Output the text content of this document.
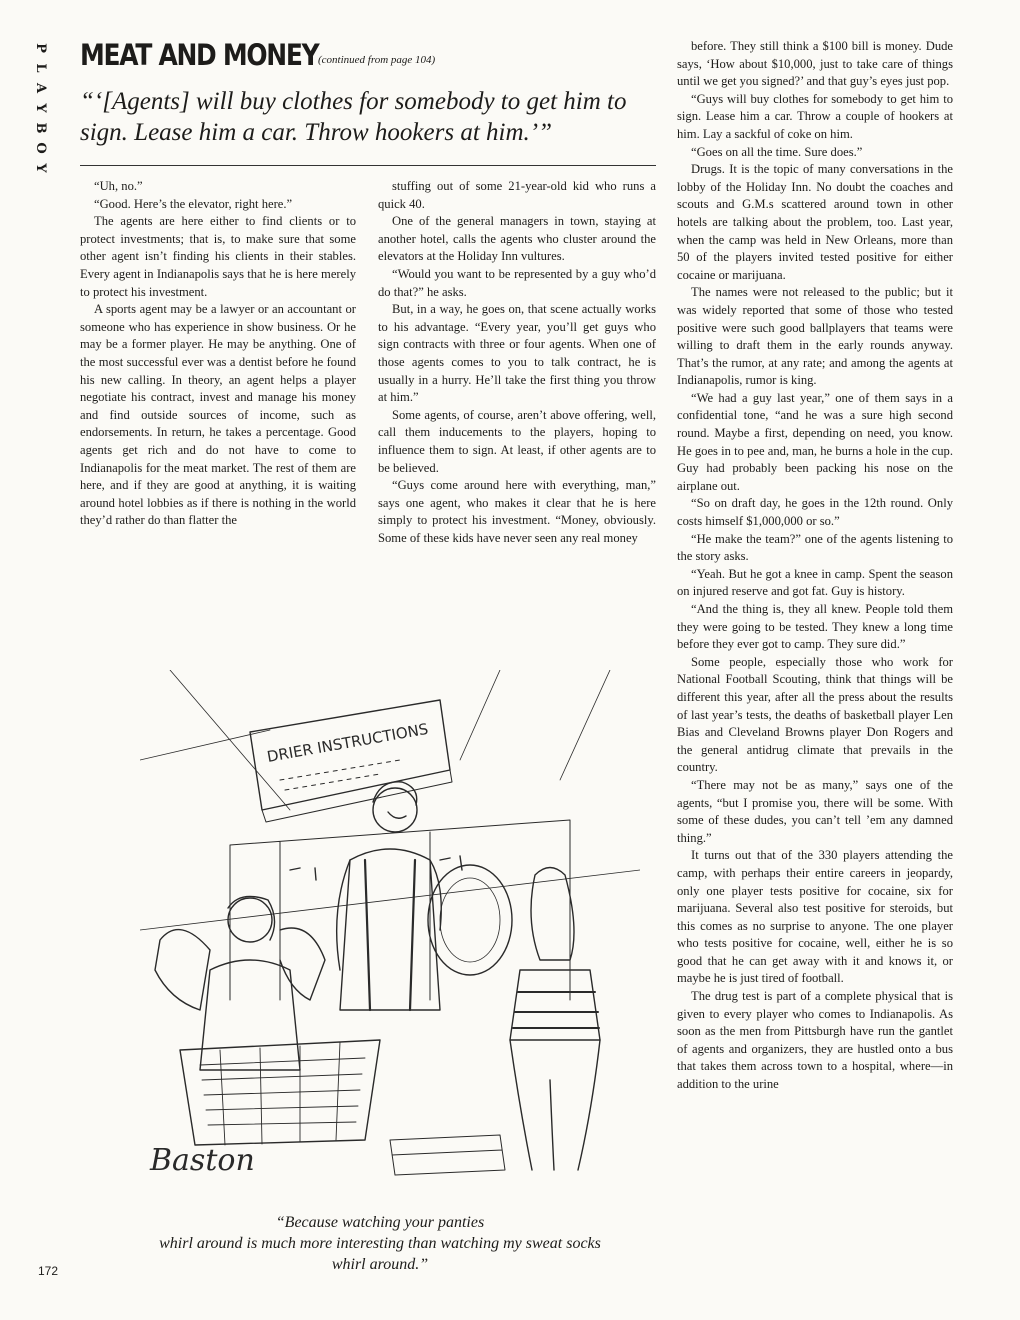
P
L
A
Y
B
O
Y
MEAT AND MONEY (continued from page 104)
“‘[Agents] will buy clothes for somebody to get him to sign. Lease him a car. Throw hookers at him.’”

“Uh, no.”

“Good. Here’s the elevator, right here.”

The agents are here either to find clients or to protect investments; that is, to make sure that some other agent isn’t finding his clients in their stables. Every agent in Indianapolis says that he is here merely to protect his investment.

A sports agent may be a lawyer or an accountant or someone who has experience in show business. Or he may be a former player. He may be anything. One of the most successful ever was a dentist before he found his new calling. In theory, an agent helps a player negotiate his contract, invest and manage his money and find outside sources of income, such as endorsements. In return, he takes a percentage. Good agents get rich and do not have to come to Indianapolis for the meat market. The rest of them are here, and if they are good at anything, it is waiting around hotel lobbies as if there is nothing in the world they’d rather do than flatter the

stuffing out of some 21-year-old kid who runs a quick 40.

One of the general managers in town, staying at another hotel, calls the agents who cluster around the elevators at the Holiday Inn vultures.

“Would you want to be represented by a guy who’d do that?” he asks.

But, in a way, he goes on, that scene actually works to his advantage. “Every year, you’ll get guys who sign contracts with three or four agents. When one of those agents comes to you to talk contract, he is usually in a hurry. He’ll take the first thing you throw at him.”

Some agents, of course, aren’t above offering, well, call them inducements to the players, hoping to influence them to sign. At least, if other agents are to be believed.

“Guys come around here with everything, man,” says one agent, who makes it clear that he is here simply to protect his investment. “Money, obviously. Some of these kids have never seen any real money

before. They still think a $100 bill is money. Dude says, ‘How about $10,000, just to take care of things until we get you signed?’ and that guy’s eyes just pop.

“Guys will buy clothes for somebody to get him to sign. Lease him a car. Throw a couple of hookers at him. Lay a sackful of coke on him.

“Goes on all the time. Sure does.”

Drugs. It is the topic of many conversations in the lobby of the Holiday Inn. No doubt the coaches and scouts and G.M.s scattered around town in other hotels are talking about the problem, too. Last year, when the camp was held in New Orleans, more than 50 of the players invited tested positive for either cocaine or marijuana.

The names were not released to the public; but it was widely reported that some of those who tested positive were such good ballplayers that teams were willing to draft them in the early rounds anyway. That’s the rumor, at any rate; and among the agents at Indianapolis, rumor is king.

“We had a guy last year,” one of them says in a confidential tone, “and he was a sure high second round. Maybe a first, depending on need, you know. He goes in to pee and, man, he burns a hole in the cup. Guy had probably been packing his nose on the airplane out.

“So on draft day, he goes in the 12th round. Only costs himself $1,000,000 or so.”

“He make the team?” one of the agents listening to the story asks.

“Yeah. But he got a knee in camp. Spent the season on injured reserve and got fat. Guy is history.

“And the thing is, they all knew. People told them they were going to be tested. They knew a long time before they ever got to camp. They sure did.”

Some people, especially those who work for National Football Scouting, think that things will be different this year, after all the press about the results of last year’s tests, the deaths of basketball player Len Bias and Cleveland Browns player Don Rogers and the general antidrug climate that prevails in the country.

“There may not be as many,” says one of the agents, “but I promise you, there will be some. With some of these dudes, you can’t tell ’em any damned thing.”

It turns out that of the 330 players attending the camp, with perhaps their entire careers in jeopardy, only one player tests positive for cocaine, six for marijuana. Several also test positive for steroids, but this comes as no surprise to anyone. The one player who tests positive for cocaine, well, either he is so good that he can get away with it and knows it, or maybe he is just tired of football.

The drug test is part of a complete physical that is given to every player who comes to Indianapolis. As soon as the men from Pittsburgh have run the gantlet of agents and organizers, they are hustled onto a bus that takes them across town to a hospital, where—in addition to the urine

DRIER INSTRUCTIONS
Baston
“Because watching your panties
whirl around is much more interesting than watching my sweat socks
whirl around.”
172
